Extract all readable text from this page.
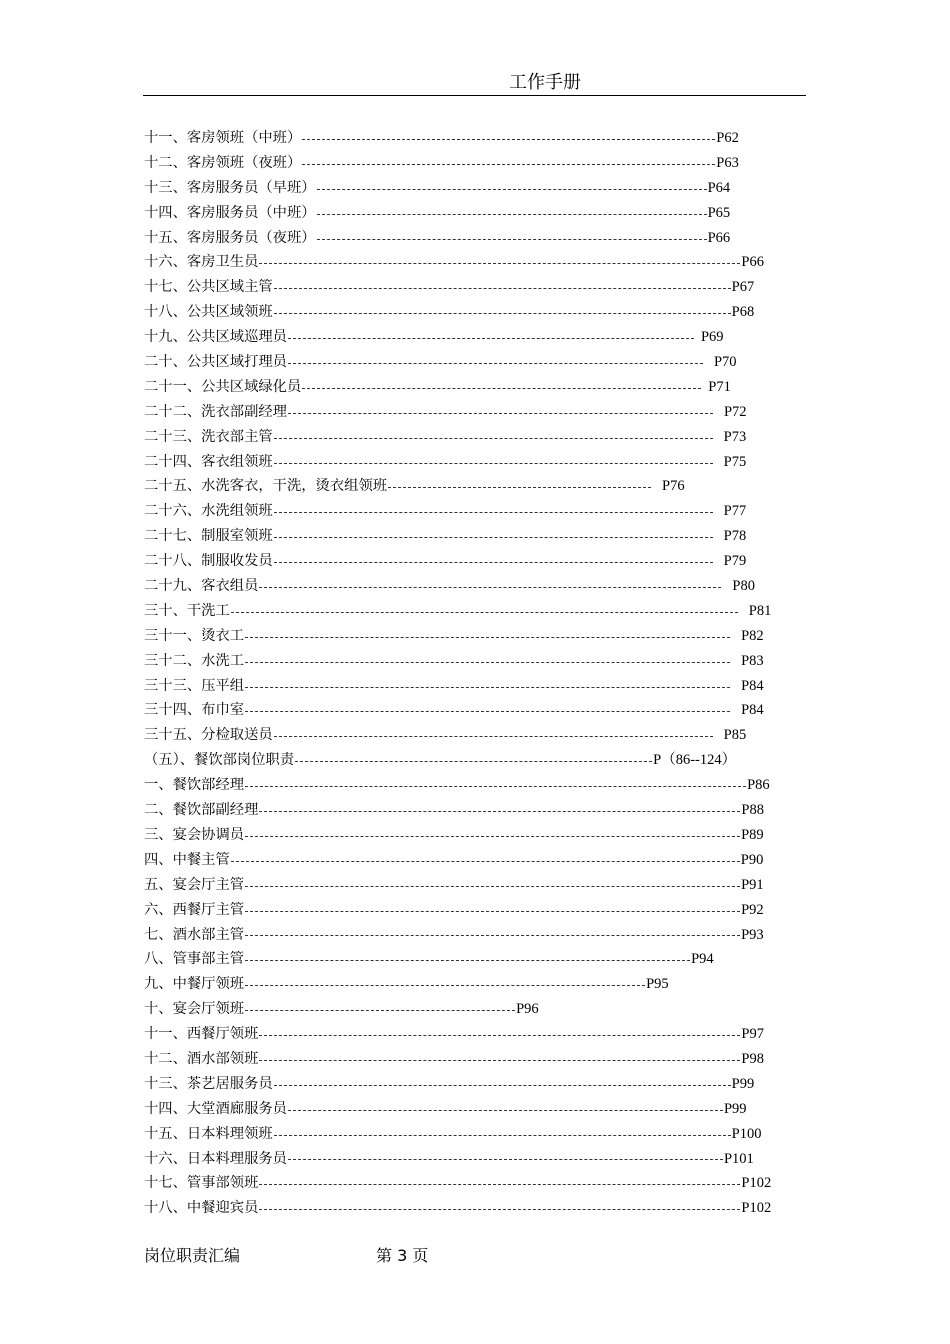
工作手册
十一、客房领班（中班）	P62
十二、客房领班（夜班）	P63
十三、客房服务员（早班）	P64
十四、客房服务员（中班）	P65
十五、客房服务员（夜班）	P66
十六、客房卫生员	P66
十七、公共区域主管	P67
十八、公共区域领班	P68
十九、公共区域巡理员	P69
二十、公共区域打理员	P70
二十一、公共区域绿化员	P71
二十二、洗衣部副经理	P72
二十三、洗衣部主管	P73
二十四、客衣组领班	P75
二十五、水洗客衣，干洗，烫衣组领班	P76
二十六、水洗组领班	P77
二十七、制服室领班	P78
二十八、制服收发员	P79
二十九、客衣组员	P80
三十、干洗工	P81
三十一、烫衣工	P82
三十二、水洗工	P83
三十三、压平组	P84
三十四、布巾室	P84
三十五、分检取送员	P85
（五）、餐饮部岗位职责	P（86--124）
一、餐饮部经理	P86
二、餐饮部副经理	P88
三、宴会协调员	P89
四、中餐主管	P90
五、宴会厅主管	P91
六、西餐厅主管	P92
七、酒水部主管	P93
八、管事部主管	P94
九、中餐厅领班	P95
十、宴会厅领班	P96
十一、西餐厅领班	P97
十二、酒水部领班	P98
十三、茶艺居服务员	P99
十四、大堂酒廊服务员	P99
十五、日本料理领班	P100
十六、日本料理服务员	P101
十七、管事部领班	P102
十八、中餐迎宾员	P102
岗位职责汇编	第 3 页
